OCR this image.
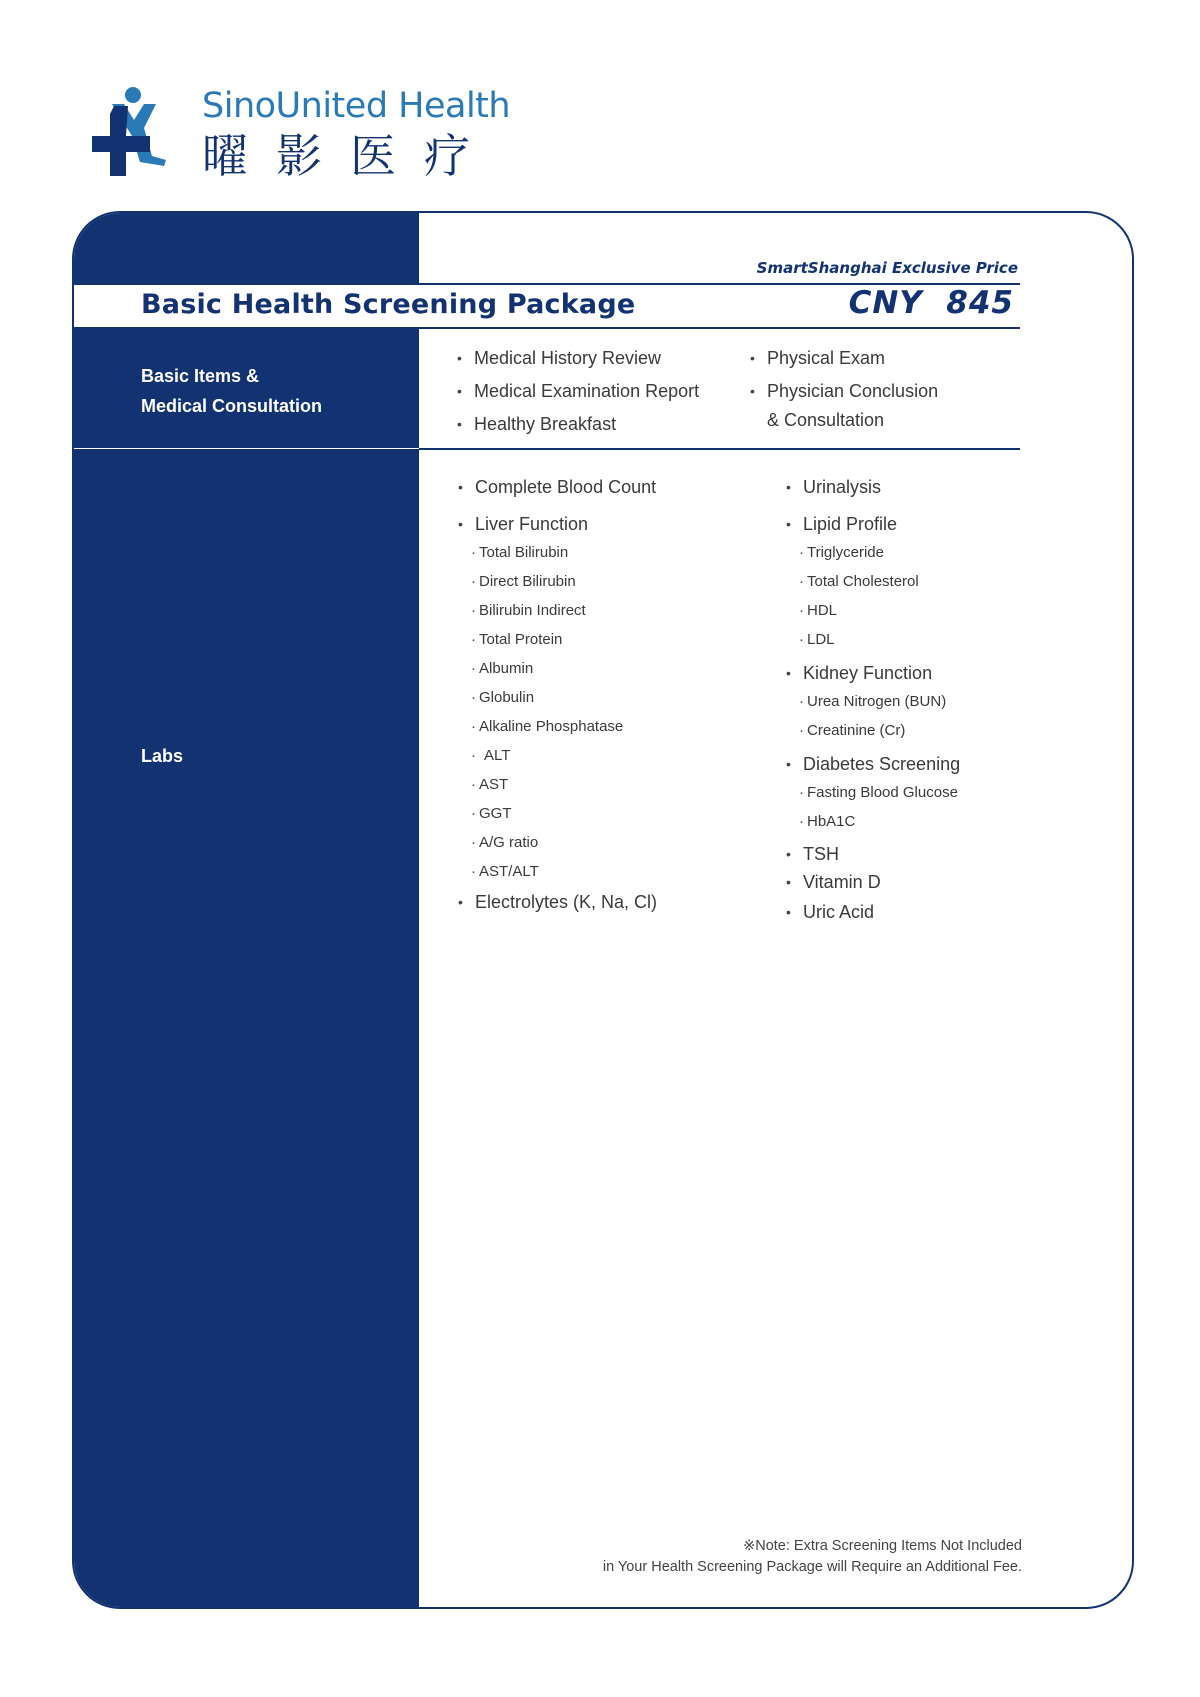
SinoUnited Health
曜影医疗
SmartShanghai Exclusive Price
Basic Health Screening Package	CNY  845
Basic Items &
Medical Consultation
• Medical History Review
• Medical Examination Report
• Healthy Breakfast
• Physical Exam
• Physician Conclusion
& Consultation
Labs
• Complete Blood Count
• Liver Function
· Total Bilirubin
· Direct Bilirubin
· Bilirubin Indirect
· Total Protein
· Albumin
· Globulin
· Alkaline Phosphatase
· ALT
· AST
· GGT
· A/G ratio
· AST/ALT
• Electrolytes (K, Na, Cl)
• Urinalysis
• Lipid Profile
· Triglyceride
· Total Cholesterol
· HDL
· LDL
• Kidney Function
· Urea Nitrogen (BUN)
· Creatinine (Cr)
• Diabetes Screening
· Fasting Blood Glucose
· HbA1C
• TSH
• Vitamin D
• Uric Acid
※Note: Extra Screening Items Not Included
in Your Health Screening Package will Require an Additional Fee.
